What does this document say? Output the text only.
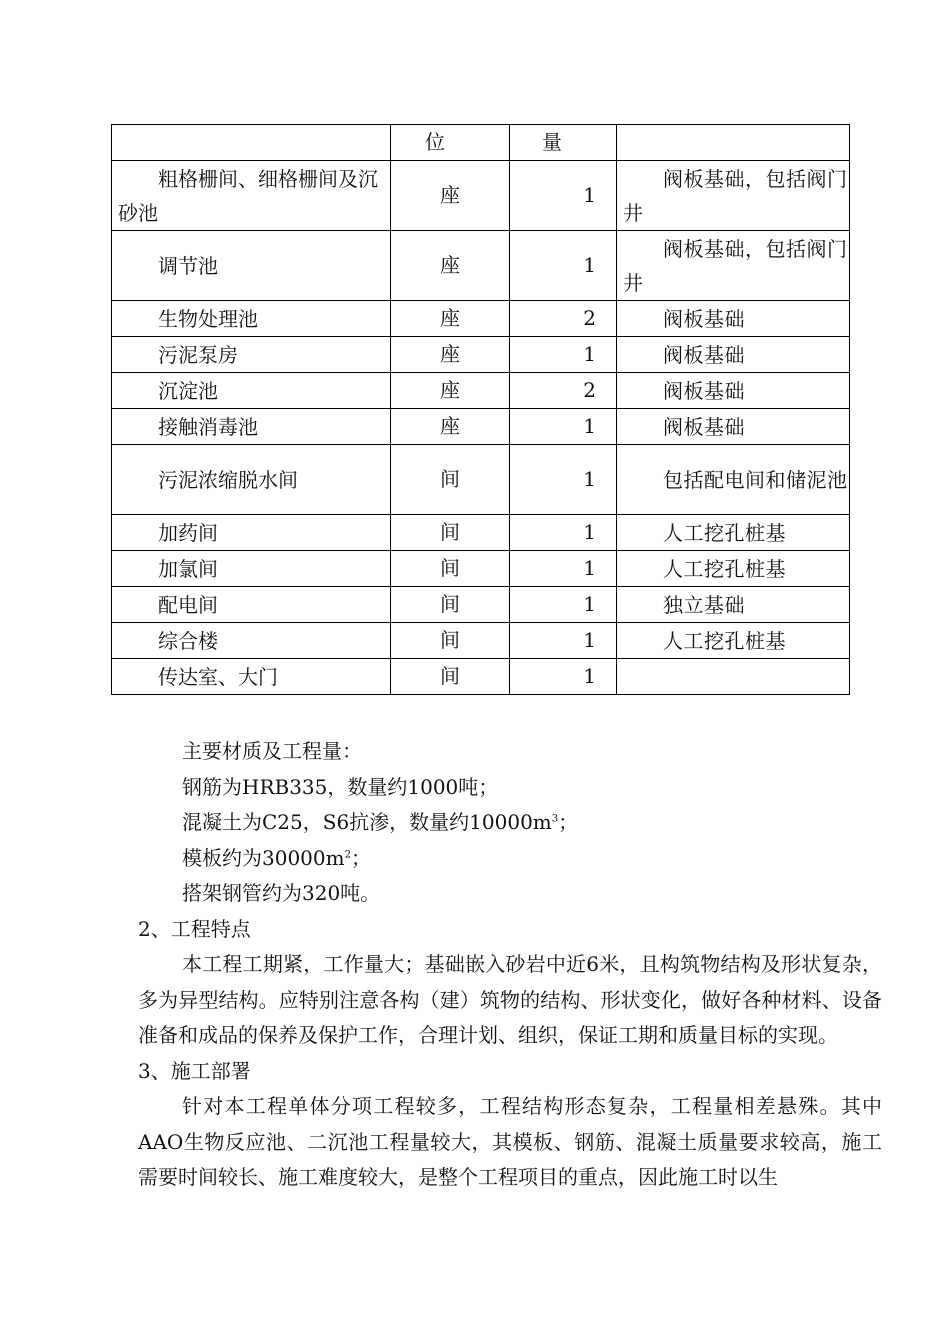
	位	量	

粗格栅间、细格栅间及沉砂池	座	1	阀板基础，包括阀门井

调节池	座	1	阀板基础，包括阀门井

生物处理池	座	2	阀板基础

污泥泵房	座	1	阀板基础

沉淀池	座	2	阀板基础

接触消毒池	座	1	阀板基础

污泥浓缩脱水间	间	1	包括配电间和储泥池

加药间	间	1	人工挖孔桩基

加氯间	间	1	人工挖孔桩基

配电间	间	1	独立基础

综合楼	间	1	人工挖孔桩基

传达室、大门	间	1	

主要材质及工程量：

钢筋为HRB335，数量约1000吨；

混凝土为C25，S6抗渗，数量约$10000m^3$；

模板约为$30000m^2$；

搭架钢管约为320吨。

2、工程特点

本工程工期紧，工作量大；基础嵌入砂岩中近6米，且构筑物结构及形状复杂，多为异型结构。应特别注意各构（建）筑物的结构、形状变化，做好各种材料、设备准备和成品的保养及保护工作，合理计划、组织，保证工期和质量目标的实现。

3、施工部署

针对本工程单体分项工程较多，工程结构形态复杂，工程量相差悬殊。其中AAO生物反应池、二沉池工程量较大，其模板、钢筋、混凝土质量要求较高，施工需要时间较长、施工难度较大，是整个工程项目的重点，因此施工时以生
